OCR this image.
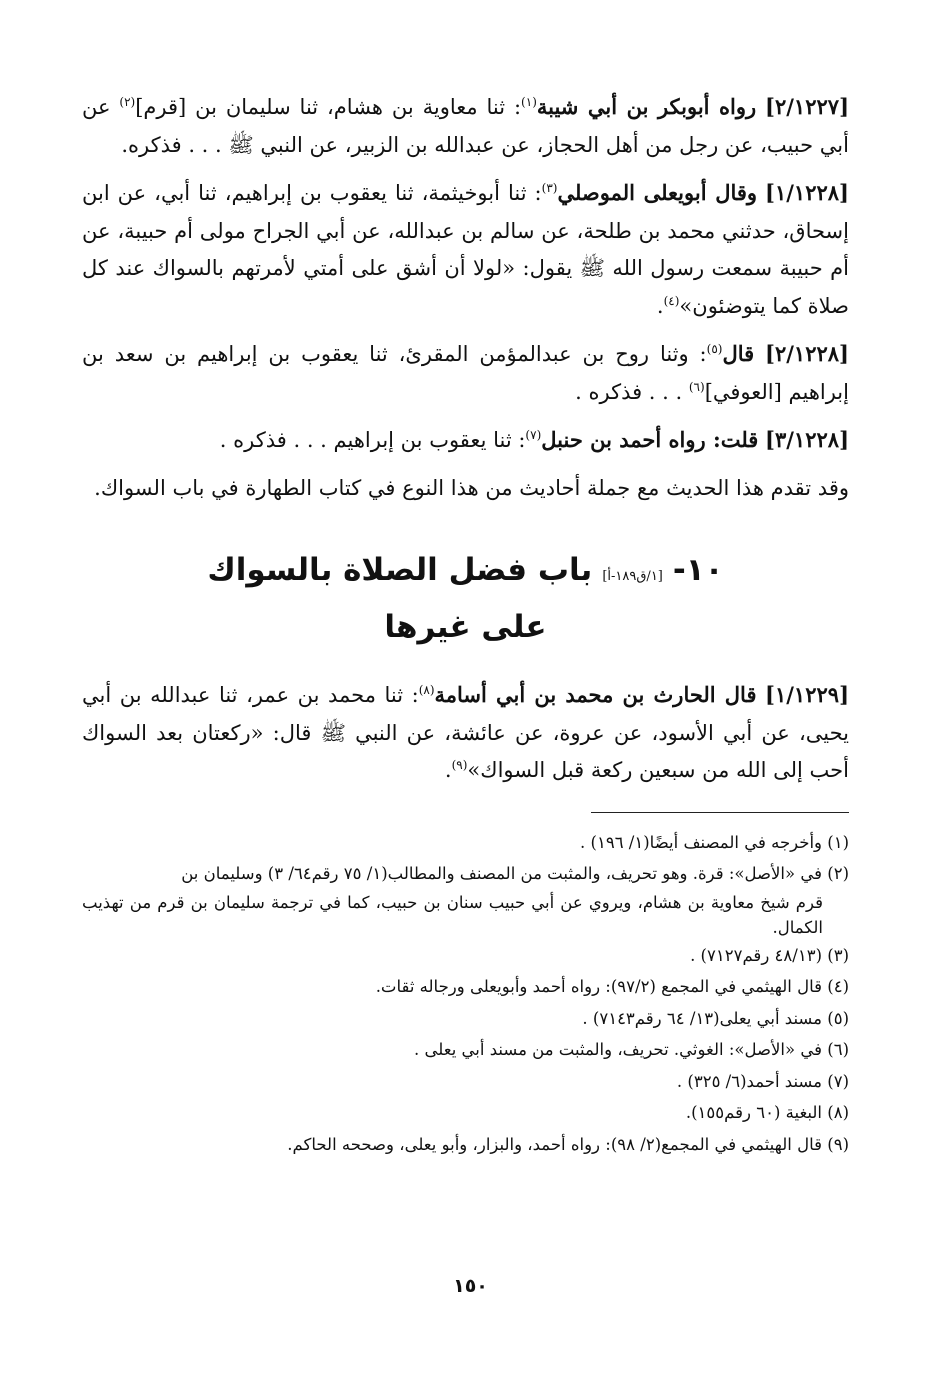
[٢/١٢٢٧] رواه أبوبكر بن أبي شيبة$^{(١)}$: ثنا معاوية بن هشام، ثنا سليمان بن [قرم]$^{(٢)}$ عن أبي حبيب، عن رجل من أهل الحجاز، عن عبدالله بن الزبير، عن النبي ﷺ . . . فذكره.

[١/١٢٢٨] وقال أبويعلى الموصلي$^{(٣)}$: ثنا أبوخيثمة، ثنا يعقوب بن إبراهيم، ثنا أبي، عن ابن إسحاق، حدثني محمد بن طلحة، عن سالم بن عبدالله، عن أبي الجراح مولى أم حبيبة، عن أم حبيبة سمعت رسول الله ﷺ يقول: «لولا أن أشق على أمتي لأمرتهم بالسواك عند كل صلاة كما يتوضئون»$^{(٤)}$.

[٢/١٢٢٨] قال$^{(٥)}$: وثنا روح بن عبدالمؤمن المقرئ، ثنا يعقوب بن إبراهيم بن سعد بن إبراهيم [العوفي]$^{(٦)}$ . . . فذكره .

[٣/١٢٢٨] قلت: رواه أحمد بن حنبل$^{(٧)}$: ثنا يعقوب بن إبراهيم . . . فذكره .

وقد تقدم هذا الحديث مع جملة أحاديث من هذا النوع في كتاب الطهارة في باب السواك.

١٠-[١/ق١٨٩-أ]باب فضل الصلاة بالسواك
على غيرها

[١/١٢٢٩] قال الحارث بن محمد بن أبي أسامة$^{(٨)}$: ثنا محمد بن عمر، ثنا عبدالله بن أبي يحيى، عن أبي الأسود، عن عروة، عن عائشة، عن النبي ﷺ قال: «ركعتان بعد السواك أحب إلى الله من سبعين ركعة قبل السواك»$^{(٩)}$.

(١) وأخرجه في المصنف أيضًا(١/ ١٩٦) .

(٢) في «الأصل»: قرة. وهو تحريف، والمثبت من المصنف والمطالب(١/ ٧٥ رقم٦٤/ ٣) وسليمان بن
قرم شيخ معاوية بن هشام، ويروي عن أبي حبيب سنان بن حبيب، كما في ترجمة سليمان بن قرم من تهذيب الكمال.

(٣) (٤٨/١٣ رقم٧١٢٧) .

(٤) قال الهيثمي في المجمع (٩٧/٢): رواه أحمد وأبويعلى ورجاله ثقات.

(٥) مسند أبي يعلى(١٣/ ٦٤ رقم٧١٤٣) .

(٦) في «الأصل»: الغوثي. تحريف، والمثبت من مسند أبي يعلى .

(٧) مسند أحمد(٦/ ٣٢٥) .

(٨) البغية (٦٠ رقم١٥٥).

(٩) قال الهيثمي في المجمع(٢/ ٩٨): رواه أحمد، والبزار، وأبو يعلى، وصححه الحاكم.

١٥٠
